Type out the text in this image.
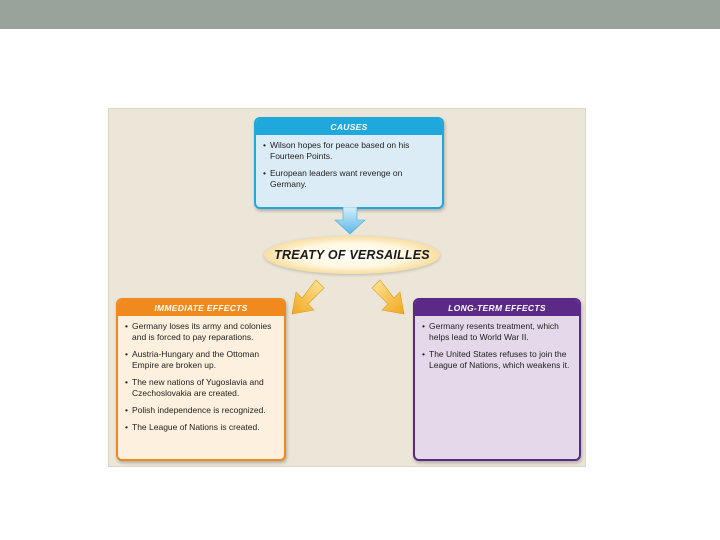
CAUSES
• Wilson hopes for peace based on his Fourteen Points.
• European leaders want revenge on Germany.
TREATY OF VERSAILLES
IMMEDIATE EFFECTS
• Germany loses its army and colonies and is forced to pay reparations.
• Austria-Hungary and the Ottoman Empire are broken up.
• The new nations of Yugoslavia and Czechoslovakia are created.
• Polish independence is recognized.
• The League of Nations is created.
LONG-TERM EFFECTS
• Germany resents treatment, which helps lead to World War II.
• The United States refuses to join the League of Nations, which weakens it.
